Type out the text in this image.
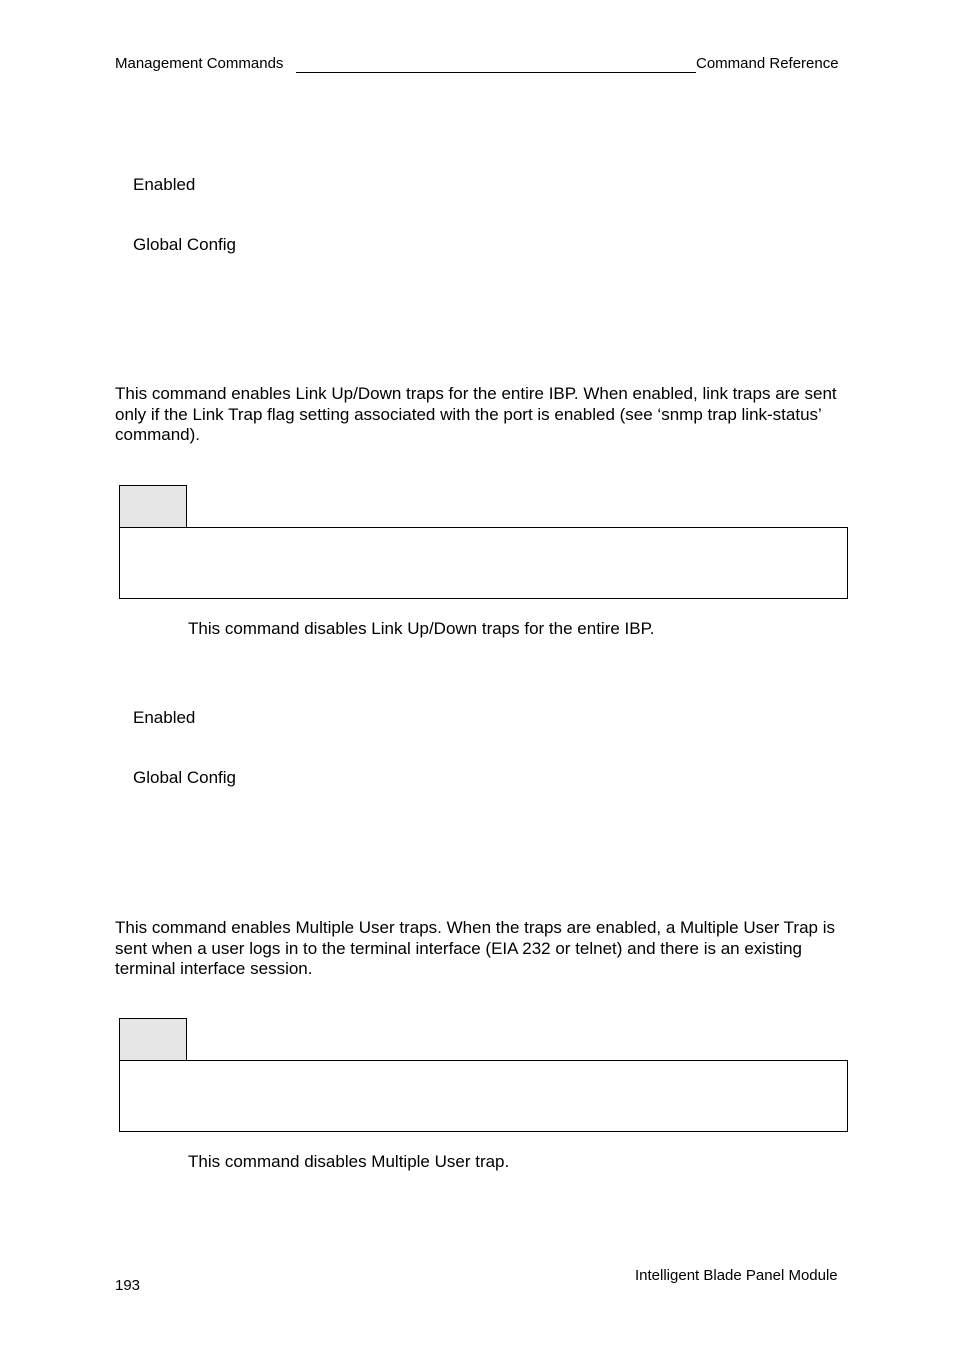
Management Commands	Command Reference
Enabled
Global Config
This command enables Link Up/Down traps for the entire IBP. When enabled, link traps are sent only if the Link Trap flag setting associated with the port is enabled (see ‘snmp trap link-status’ command).
This command disables Link Up/Down traps for the entire IBP.
Enabled
Global Config
This command enables Multiple User traps. When the traps are enabled, a Multiple User Trap is sent when a user logs in to the terminal interface (EIA 232 or telnet) and there is an existing terminal interface session.
This command disables Multiple User trap.
193
Intelligent Blade Panel Module
